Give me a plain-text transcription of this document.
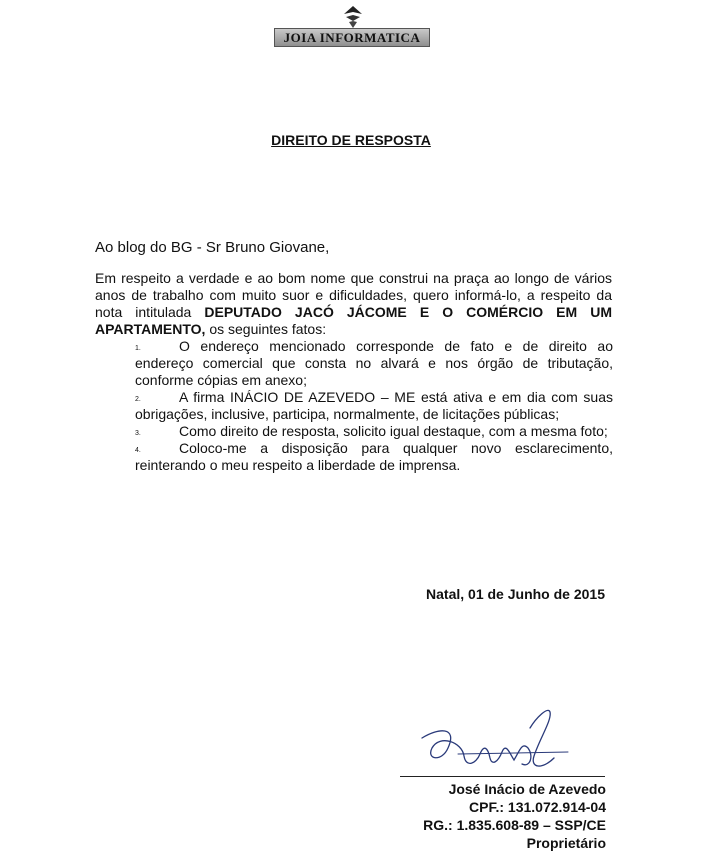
JOIA INFORMATICA
DIREITO DE RESPOSTA
Ao blog do BG - Sr Bruno Giovane,
Em respeito a verdade e ao bom nome que construi na praça ao longo de vários anos de trabalho com muito suor e dificuldades, quero informá-lo, a respeito da nota intitulada DEPUTADO JACÓ JÁCOME E O COMÉRCIO EM UM APARTAMENTO, os seguintes fatos:
1.	O endereço mencionado corresponde de fato e de direito ao endereço comercial que consta no alvará e nos órgão de tributação, conforme cópias em anexo;
2.	A firma INÁCIO DE AZEVEDO – ME está ativa e em dia com suas obrigações, inclusive, participa, normalmente, de licitações públicas;
3.	Como direito de resposta, solicito igual destaque, com a mesma foto;
4.	Coloco-me a disposição para qualquer novo esclarecimento, reinterando o meu respeito a liberdade de imprensa.
Natal, 01 de Junho de 2015
José Inácio de Azevedo
CPF.: 131.072.914-04
RG.: 1.835.608-89 – SSP/CE
Proprietário
